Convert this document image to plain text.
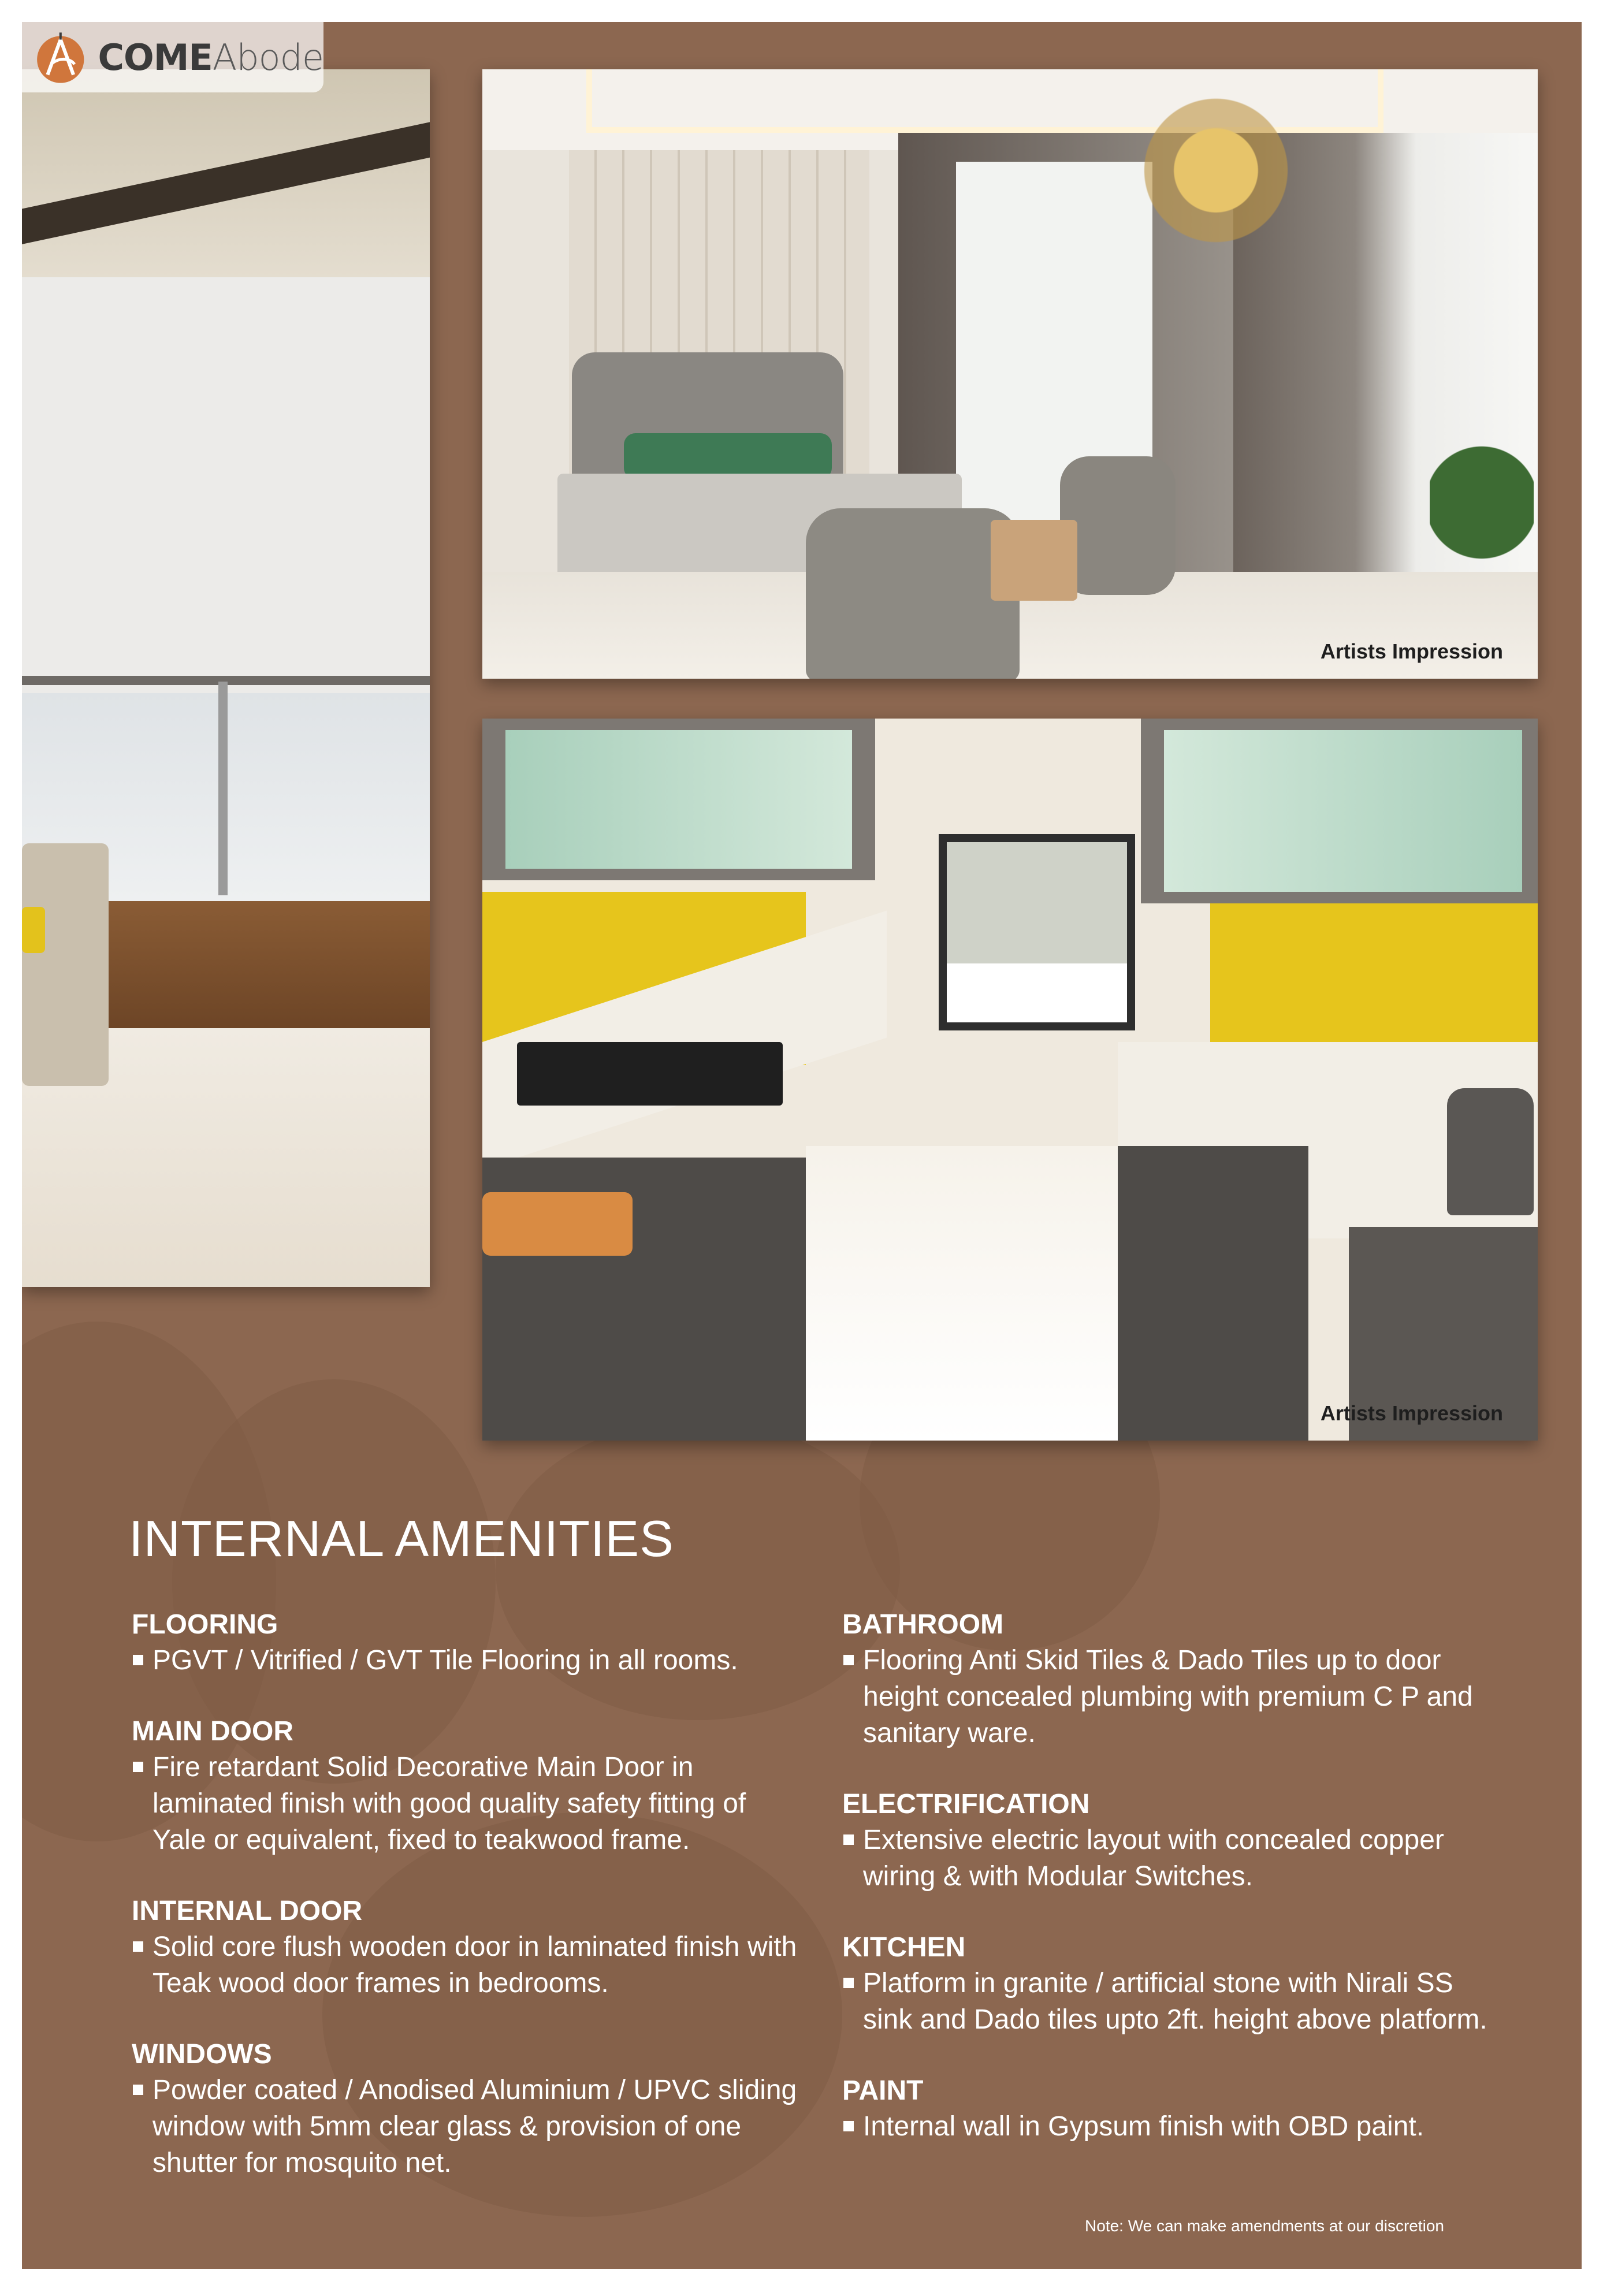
COMEAbode
Artists Impression
Artists Impression
INTERNAL AMENITIES
FLOORING
PGVT / Vitrified / GVT Tile Flooring in all rooms.
MAIN DOOR
Fire retardant Solid Decorative Main Door in laminated finish with good quality safety fitting of Yale or equivalent, fixed to teakwood frame.
INTERNAL DOOR
Solid core flush wooden door in laminated finish with Teak wood door frames in bedrooms.
WINDOWS
Powder coated / Anodised Aluminium / UPVC sliding window with 5mm clear glass & provision of one shutter for mosquito net.
BATHROOM
Flooring Anti Skid Tiles & Dado Tiles up to door height concealed plumbing with premium C P and sanitary ware.
ELECTRIFICATION
Extensive electric layout with concealed copper wiring & with Modular Switches.
KITCHEN
Platform in granite / artificial stone with Nirali SS sink and Dado tiles upto 2ft. height above platform.
PAINT
Internal wall in Gypsum finish with OBD paint.
Note: We can make amendments at our discretion
